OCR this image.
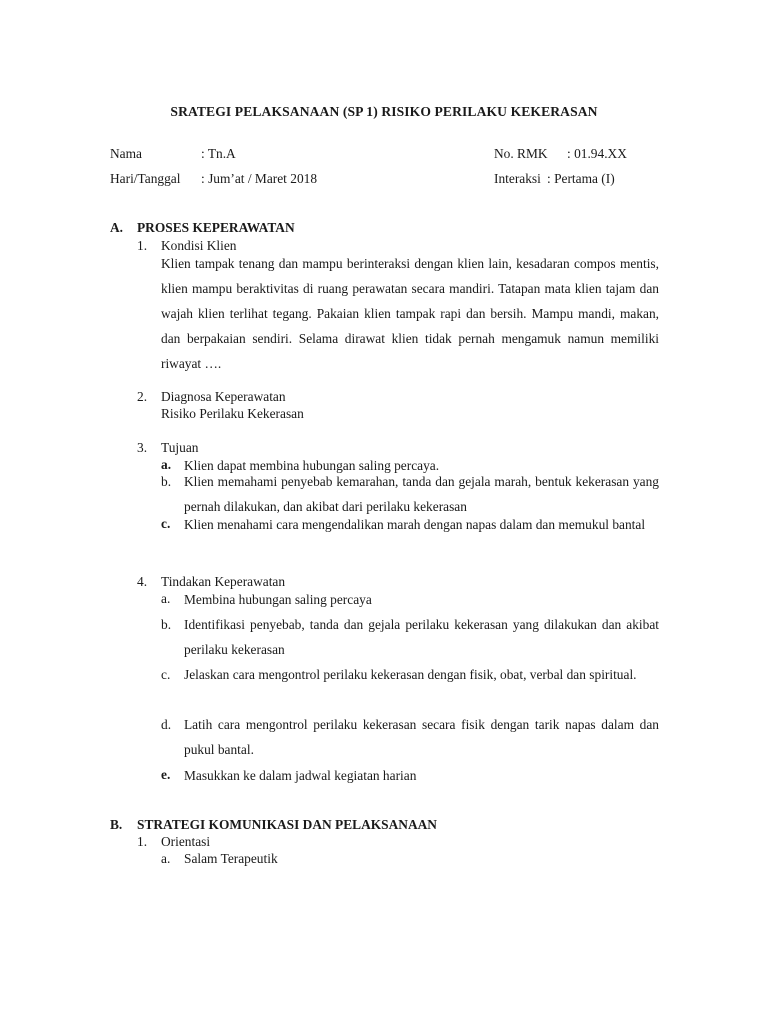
SRATEGI PELAKSANAAN (SP 1) RISIKO PERILAKU KEKERASAN
Nama	: Tn.A
Hari/Tanggal : Jum’at / Maret 2018
No. RMK : 01.94.XX
Interaksi : Pertama (I)
A. PROSES KEPERAWATAN
1. Kondisi Klien
Klien tampak tenang dan mampu berinteraksi dengan klien lain, kesadaran compos mentis, klien mampu beraktivitas di ruang perawatan secara mandiri. Tatapan mata klien tajam dan wajah klien terlihat tegang. Pakaian klien tampak rapi dan bersih. Mampu mandi, makan, dan berpakaian sendiri. Selama dirawat klien tidak pernah mengamuk namun memiliki riwayat ….
2. Diagnosa Keperawatan
Risiko Perilaku Kekerasan
3. Tujuan
a. Klien dapat membina hubungan saling percaya.
b. Klien memahami penyebab kemarahan, tanda dan gejala marah, bentuk kekerasan yang pernah dilakukan, dan akibat dari perilaku kekerasan
c. Klien menahami cara mengendalikan marah dengan napas dalam dan memukul bantal
4. Tindakan Keperawatan
a. Membina hubungan saling percaya
b. Identifikasi penyebab, tanda dan gejala perilaku kekerasan yang dilakukan dan akibat perilaku kekerasan
c. Jelaskan cara mengontrol perilaku kekerasan dengan fisik, obat, verbal dan spiritual.
d. Latih cara mengontrol perilaku kekerasan secara fisik dengan tarik napas dalam dan pukul bantal.
e. Masukkan ke dalam jadwal kegiatan harian
B. STRATEGI KOMUNIKASI DAN PELAKSANAAN
1. Orientasi
a. Salam Terapeutik
